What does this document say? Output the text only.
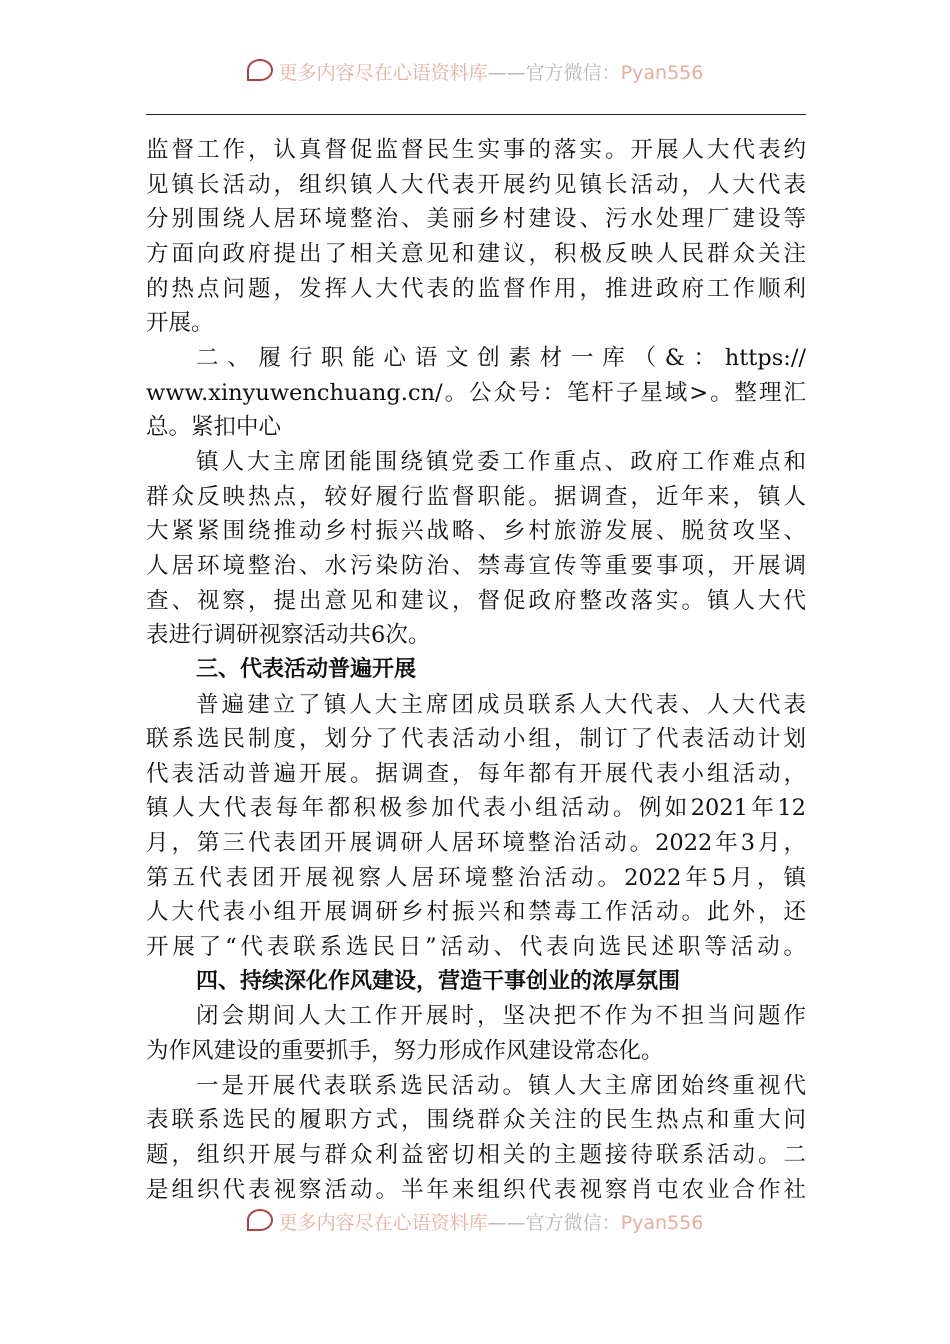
更多内容尽在心语资料库——官方微信：Pyan556
监督工作，认真督促监督民生实事的落实。开展人大代表约
见镇长活动，组织镇人大代表开展约见镇长活动，人大代表
分别围绕人居环境整治、美丽乡村建设、污水处理厂建设等
方面向政府提出了相关意见和建议，积极反映人民群众关注
的热点问题，发挥人大代表的监督作用，推进政府工作顺利
开展。
二、履行职能心语文创素材一库（&：https://
www.xinyuwenchuang.cn/。公众号：笔杆子星域>。整理汇
总。紧扣中心
镇人大主席团能围绕镇党委工作重点、政府工作难点和
群众反映热点，较好履行监督职能。据调查，近年来，镇人
大紧紧围绕推动乡村振兴战略、乡村旅游发展、脱贫攻坚、
人居环境整治、水污染防治、禁毒宣传等重要事项，开展调
查、视察，提出意见和建议，督促政府整改落实。镇人大代
表进行调研视察活动共6次。
三、代表活动普遍开展
普遍建立了镇人大主席团成员联系人大代表、人大代表
联系选民制度，划分了代表活动小组，制订了代表活动计划
代表活动普遍开展。据调查，每年都有开展代表小组活动，
镇人大代表每年都积极参加代表小组活动。例如2021年12
月，第三代表团开展调研人居环境整治活动。2022年3月，
第五代表团开展视察人居环境整治活动。2022年5月，镇
人大代表小组开展调研乡村振兴和禁毒工作活动。此外，还
开展了“代表联系选民日”活动、代表向选民述职等活动。
四、持续深化作风建设，营造干事创业的浓厚氛围
闭会期间人大工作开展时，坚决把不作为不担当问题作
为作风建设的重要抓手，努力形成作风建设常态化。
一是开展代表联系选民活动。镇人大主席团始终重视代
表联系选民的履职方式，围绕群众关注的民生热点和重大问
题，组织开展与群众利益密切相关的主题接待联系活动。二
是组织代表视察活动。半年来组织代表视察肖屯农业合作社
更多内容尽在心语资料库——官方微信：Pyan556
